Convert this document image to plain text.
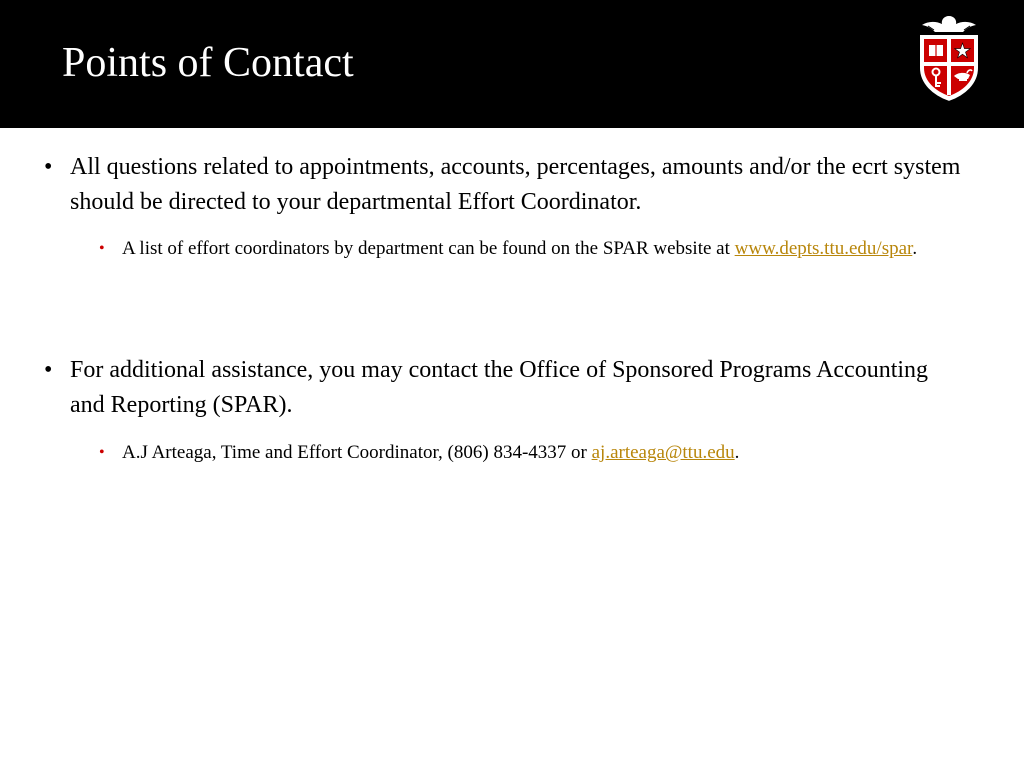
Points of Contact
• All questions related to appointments, accounts, percentages, amounts and/or the ecrt system should be directed to your departmental Effort Coordinator.
• A list of effort coordinators by department can be found on the SPAR website at www.depts.ttu.edu/spar.
• For additional assistance, you may contact the Office of Sponsored Programs Accounting and Reporting (SPAR).
• A.J Arteaga, Time and Effort Coordinator, (806) 834-4337 or aj.arteaga@ttu.edu.
